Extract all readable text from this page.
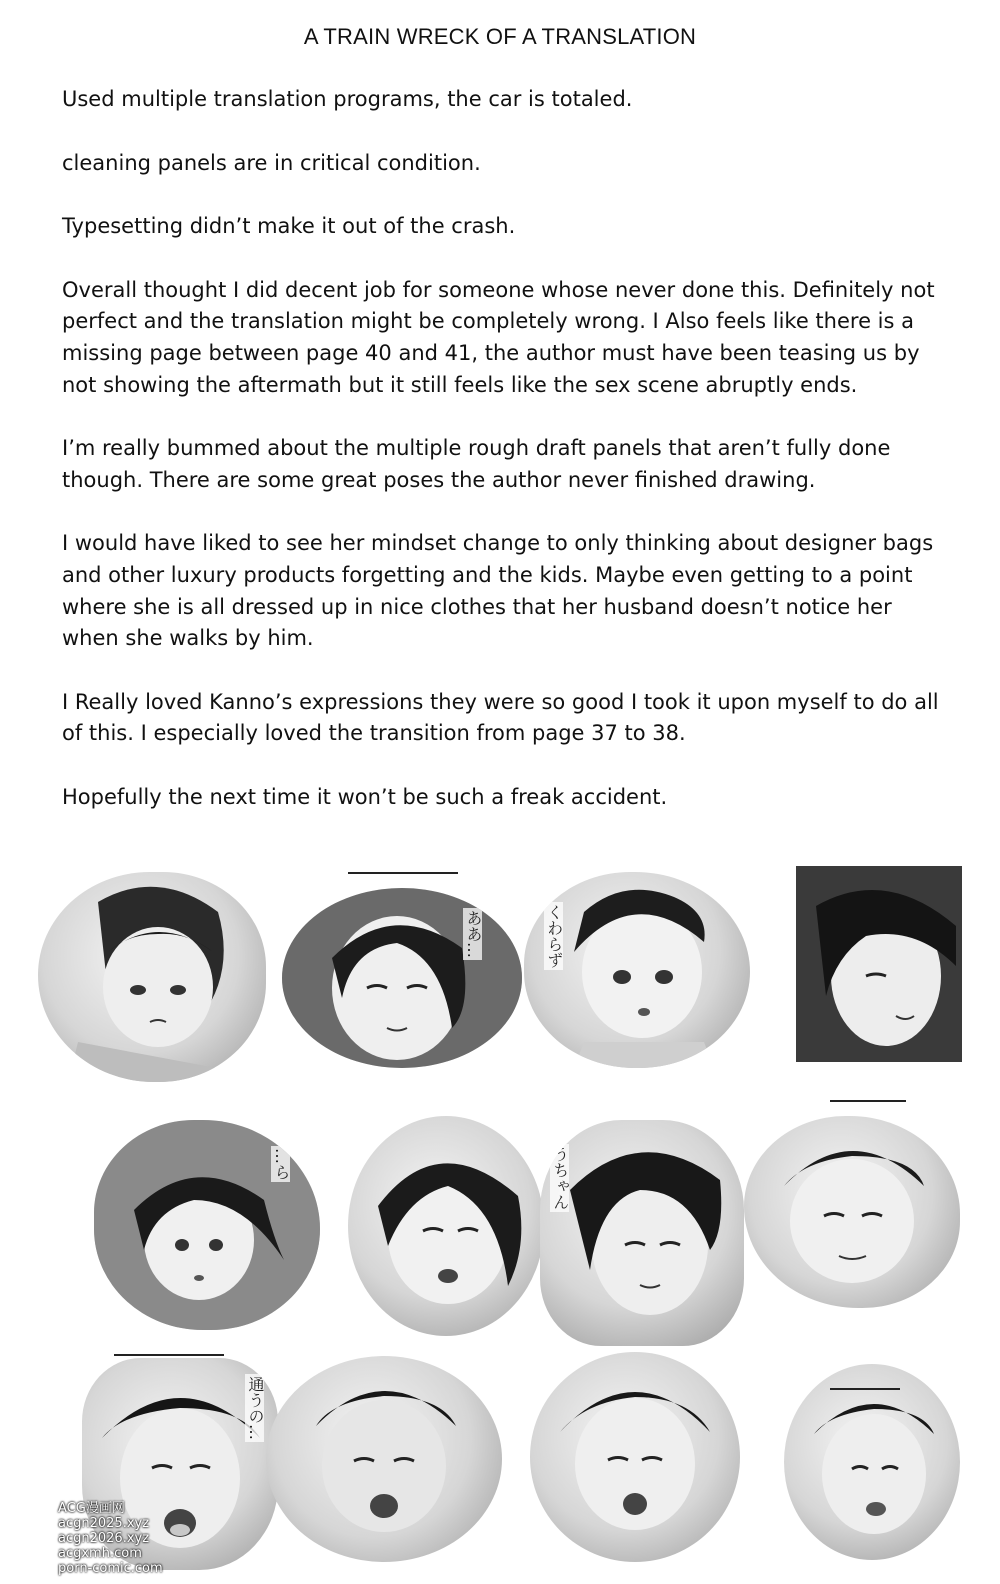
A TRAIN WRECK OF A TRANSLATION

Used multiple translation programs, the car is totaled.

cleaning panels are in critical condition.

Typesetting didn’t make it out of the crash.

Overall thought I did decent job for someone whose never done this. Definitely not perfect and the translation might be completely wrong. I Also feels like there is a missing page between page 40 and 41, the author must have been teasing us by not showing the aftermath but it still feels like the sex scene abruptly ends.

I’m really bummed about the multiple rough draft panels that aren’t fully done though. There are some great poses the author never finished drawing.

I would have liked to see her mindset change to only thinking about designer bags and other luxury products forgetting and the kids. Maybe even getting to a point where she is all dressed up in nice clothes that her husband doesn’t notice her when she walks by him.

I Really loved Kanno’s expressions they were so good I took it upon myself to do all of this. I especially loved the transition from page 37 to 38.

Hopefully the next time it won’t be such a freak accident.

ああ…	くわらず
…ら	うちゃん
通うの…
ACG漫画网
acgn2025.xyz
acgn2026.xyz
acgxmh.com
porn-comic.com
